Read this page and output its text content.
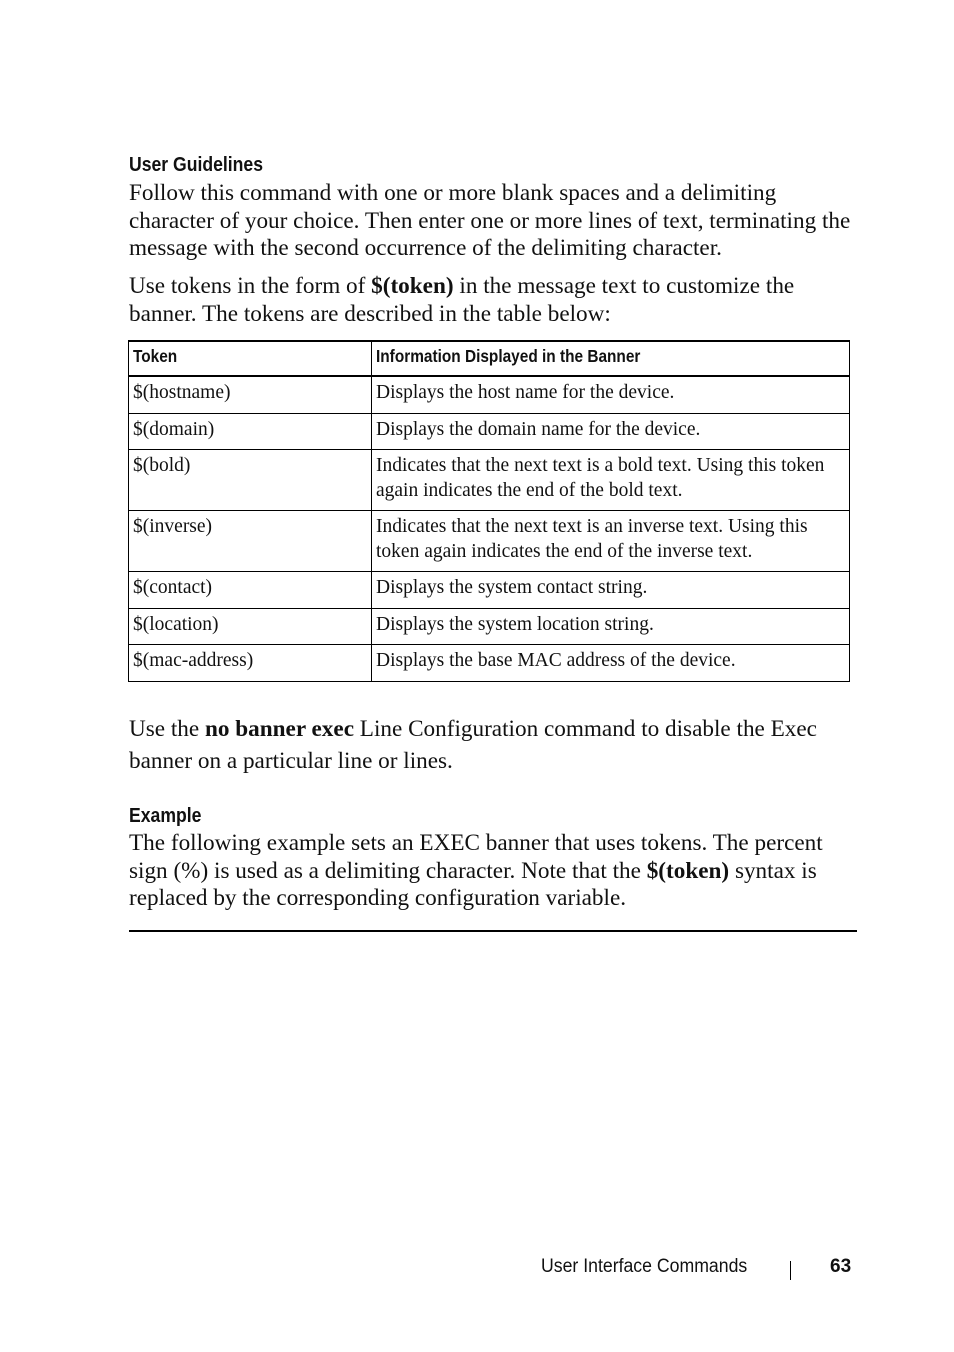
User Guidelines

Follow this command with one or more blank spaces and a delimiting character of your choice. Then enter one or more lines of text, terminating the message with the second occurrence of the delimiting character.

Use tokens in the form of $(token) in the message text to customize the banner. The tokens are described in the table below:

Token	Information Displayed in the Banner
$(hostname)	Displays the host name for the device.
$(domain)	Displays the domain name for the device.
$(bold)	Indicates that the next text is a bold text. Using this token again indicates the end of the bold text.
$(inverse)	Indicates that the next text is an inverse text. Using this token again indicates the end of the inverse text.
$(contact)	Displays the system contact string.
$(location)	Displays the system location string.
$(mac-address)	Displays the base MAC address of the device.

Use the no banner exec Line Configuration command to disable the Exec banner on a particular line or lines.

Example

The following example sets an EXEC banner that uses tokens. The percent sign (%) is used as a delimiting character. Note that the $(token) syntax is replaced by the corresponding configuration variable.

User Interface Commands	63
